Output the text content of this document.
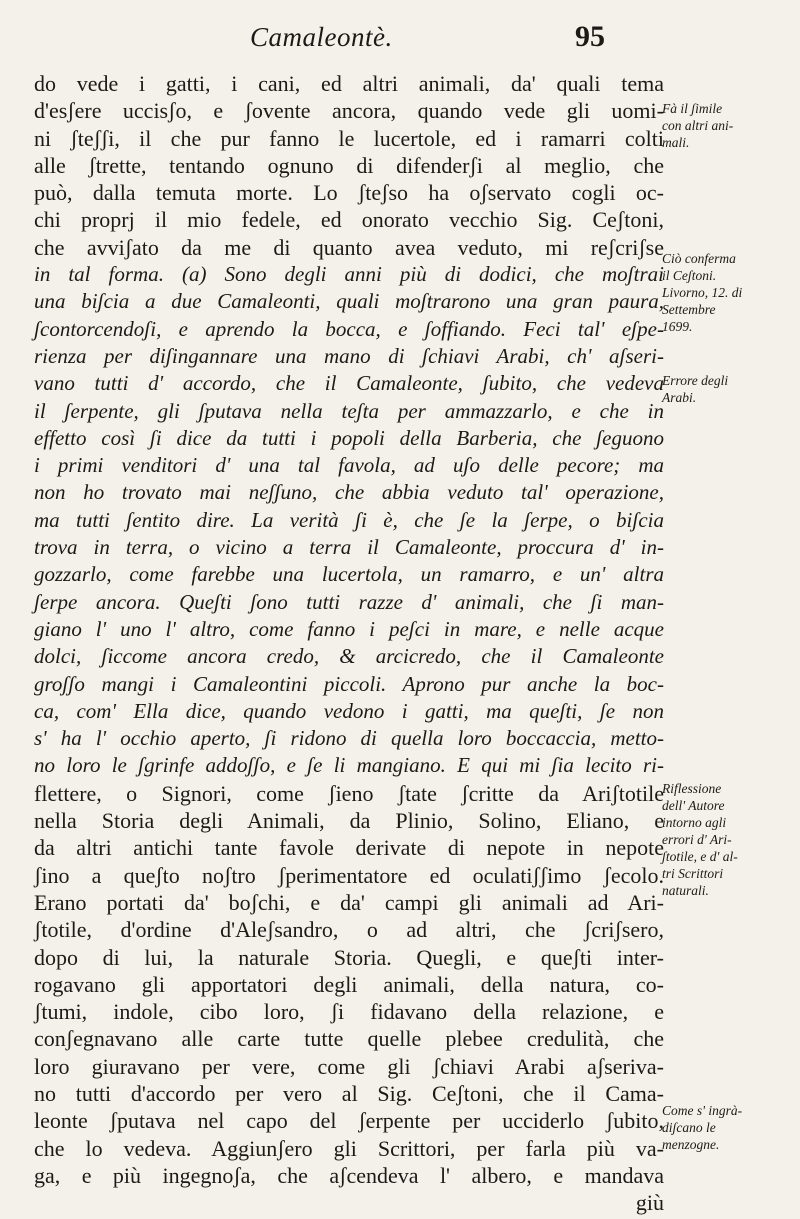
Camaleontè.	95
do vede i gatti, i cani, ed altri animali, da' quali tema
d'esʃere uccisʃo, e ʃovente ancora, quando vede gli uomi-
ni ʃteʃʃi, il che pur fanno le lucertole, ed i ramarri colti
alle ʃtrette, tentando ognuno di difenderʃi al meglio, che
può, dalla temuta morte. Lo ʃteʃso ha oʃservato cogli oc-
chi proprj il mio fedele, ed onorato vecchio Sig. Ceʃtoni,
che avviʃato da me di quanto avea veduto, mi reʃcriʃse
in tal forma. (a) Sono degli anni più di dodici, che moʃtrai
una biʃcia a due Camaleonti, quali moʃtrarono una gran paura,
ʃcontorcendoʃi, e aprendo la bocca, e ʃoffiando. Feci tal' eʃpe-
rienza per diʃingannare una mano di ʃchiavi Arabi, ch' aʃseri-
vano tutti d' accordo, che il Camaleonte, ʃubito, che vedeva
il ʃerpente, gli ʃputava nella teʃta per ammazzarlo, e che in
effetto così ʃi dice da tutti i popoli della Barberia, che ʃeguono
i primi venditori d' una tal favola, ad uʃo delle pecore; ma
non ho trovato mai neʃʃuno, che abbia veduto tal' operazione,
ma tutti ʃentito dire. La verità ʃi è, che ʃe la ʃerpe, o biʃcia
trova in terra, o vicino a terra il Camaleonte, proccura d' in-
gozzarlo, come farebbe una lucertola, un ramarro, e un' altra
ʃerpe ancora. Queʃti ʃono tutti razze d' animali, che ʃi man-
giano l' uno l' altro, come fanno i peʃci in mare, e nelle acque
dolci, ʃiccome ancora credo, & arcicredo, che il Camaleonte
groʃʃo mangi i Camaleontini piccoli. Aprono pur anche la boc-
ca, com' Ella dice, quando vedono i gatti, ma queʃti, ʃe non
s' ha l' occhio aperto, ʃi ridono di quella loro boccaccia, metto-
no loro le ʃgrinfe addoʃʃo, e ʃe li mangiano. E qui mi ʃia lecito ri-
flettere, o Signori, come ʃieno ʃtate ʃcritte da Ariʃtotile
nella Storia degli Animali, da Plinio, Solino, Eliano, e
da altri antichi tante favole derivate di nepote in nepote
ʃino a queʃto noʃtro ʃperimentatore ed oculatiʃʃimo ʃecolo.
Erano portati da' boʃchi, e da' campi gli animali ad Ari-
ʃtotile, d'ordine d'Aleʃsandro, o ad altri, che ʃcriʃsero,
dopo di lui, la naturale Storia. Quegli, e queʃti inter-
rogavano gli apportatori degli animali, della natura, co-
ʃtumi, indole, cibo loro, ʃi fidavano della relazione, e
conʃegnavano alle carte tutte quelle plebee credulità, che
loro giuravano per vere, come gli ʃchiavi Arabi aʃseriva-
no tutti d'accordo per vero al Sig. Ceʃtoni, che il Cama-
leonte ʃputava nel capo del ʃerpente per ucciderlo ʃubito,
che lo vedeva. Aggiunʃero gli Scrittori, per farla più va-
ga, e più ingegnoʃa, che aʃcendeva l' albero, e mandava
giù
Fà il ʃimile
con altri ani-
mali.
Ciò conferma
il Ceʃtoni.
Livorno, 12. di
Settembre
1699.
Errore degli
Arabi.
Riflessione
dell' Autore
intorno agli
errori d' Ari-
ʃtotile, e d' al-
tri Scrittori
naturali.
Come s' ingrà-
diʃcano le
menzogne.
